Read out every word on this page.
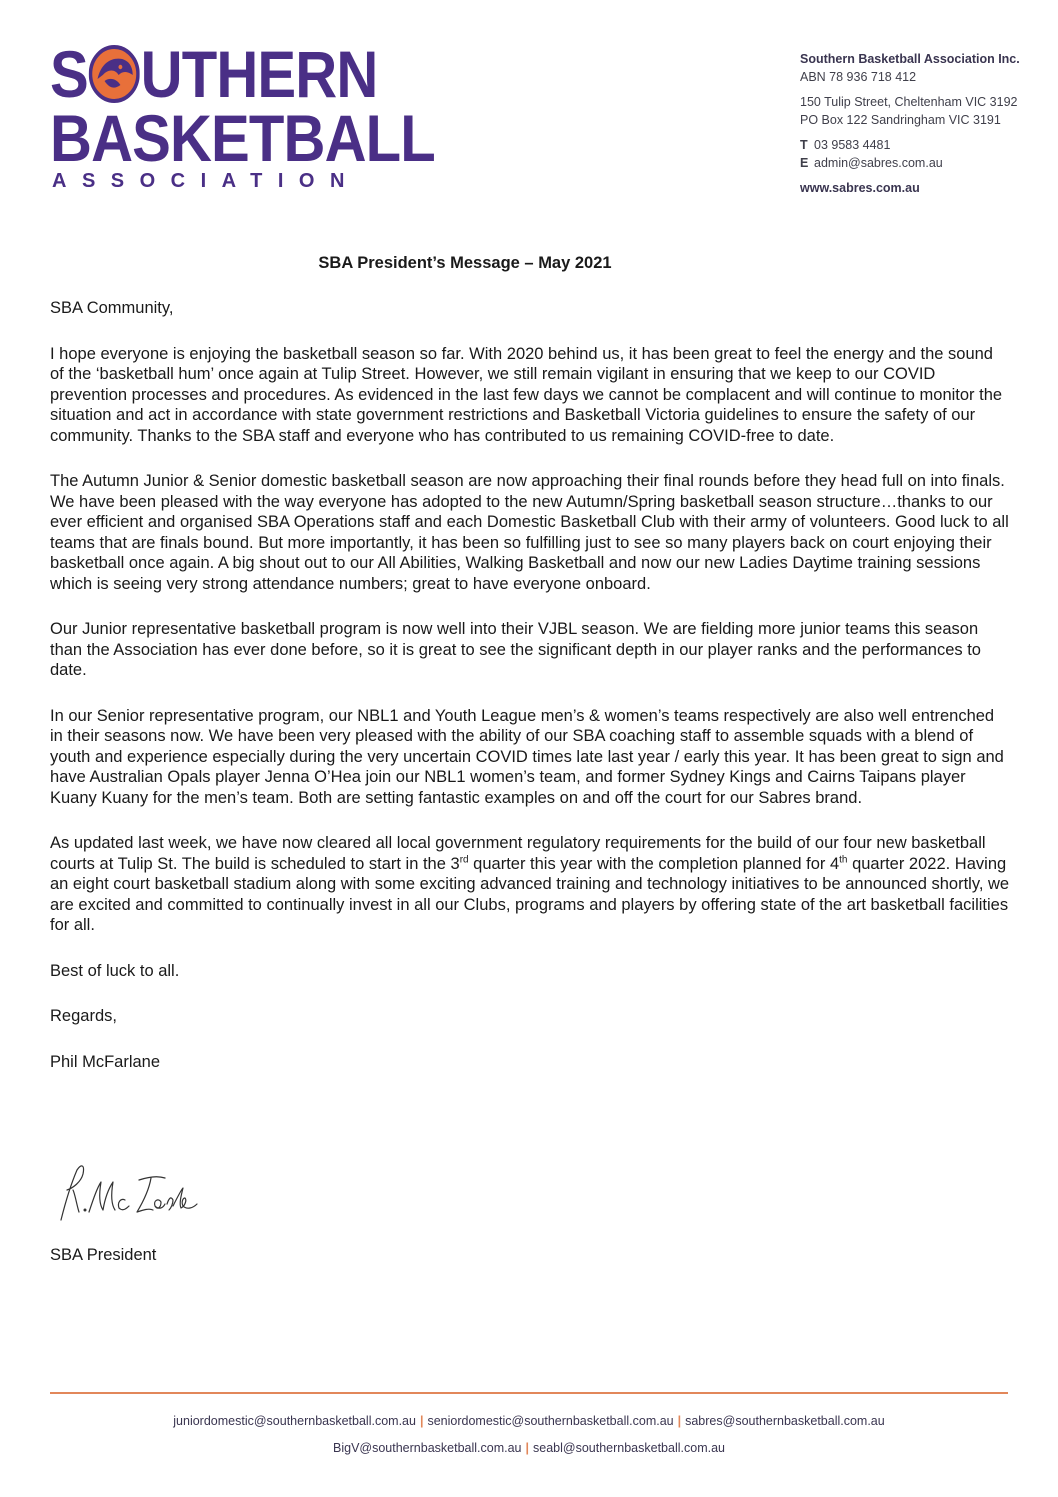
S UTHERN
BASKETBALL
ASSOCIATION
Southern Basketball Association Inc.
ABN 78 936 718 412
150 Tulip Street, Cheltenham VIC 3192
PO Box 122 Sandringham VIC 3191
T 03 9583 4481
E admin@sabres.com.au
www.sabres.com.au
SBA President’s Message – May 2021

SBA Community,

I hope everyone is enjoying the basketball season so far. With 2020 behind us, it has been great to feel the energy and the sound of the ‘basketball hum’ once again at Tulip Street. However, we still remain vigilant in ensuring that we keep to our COVID prevention processes and procedures. As evidenced in the last few days we cannot be complacent and will continue to monitor the situation and act in accordance with state government restrictions and Basketball Victoria guidelines to ensure the safety of our community. Thanks to the SBA staff and everyone who has contributed to us remaining COVID-free to date.

The Autumn Junior & Senior domestic basketball season are now approaching their final rounds before they head full on into finals. We have been pleased with the way everyone has adopted to the new Autumn/Spring basketball season structure…thanks to our ever efficient and organised SBA Operations staff and each Domestic Basketball Club with their army of volunteers. Good luck to all teams that are finals bound. But more importantly, it has been so fulfilling just to see so many players back on court enjoying their basketball once again. A big shout out to our All Abilities, Walking Basketball and now our new Ladies Daytime training sessions which is seeing very strong attendance numbers; great to have everyone onboard.

Our Junior representative basketball program is now well into their VJBL season. We are fielding more junior teams this season than the Association has ever done before, so it is great to see the significant depth in our player ranks and the performances to date.

In our Senior representative program, our NBL1 and Youth League men’s & women’s teams respectively are also well entrenched in their seasons now. We have been very pleased with the ability of our SBA coaching staff to assemble squads with a blend of youth and experience especially during the very uncertain COVID times late last year / early this year. It has been great to sign and have Australian Opals player Jenna O’Hea join our NBL1 women’s team, and former Sydney Kings and Cairns Taipans player Kuany Kuany for the men’s team. Both are setting fantastic examples on and off the court for our Sabres brand.

As updated last week, we have now cleared all local government regulatory requirements for the build of our four new basketball courts at Tulip St. The build is scheduled to start in the 3rd quarter this year with the completion planned for 4th quarter 2022. Having an eight court basketball stadium along with some exciting advanced training and technology initiatives to be announced shortly, we are excited and committed to continually invest in all our Clubs, programs and players by offering state of the art basketball facilities for all.

Best of luck to all.

Regards,

Phil McFarlane

SBA President
juniordomestic@southernbasketball.com.au | seniordomestic@southernbasketball.com.au | sabres@southernbasketball.com.au
BigV@southernbasketball.com.au | seabl@southernbasketball.com.au
